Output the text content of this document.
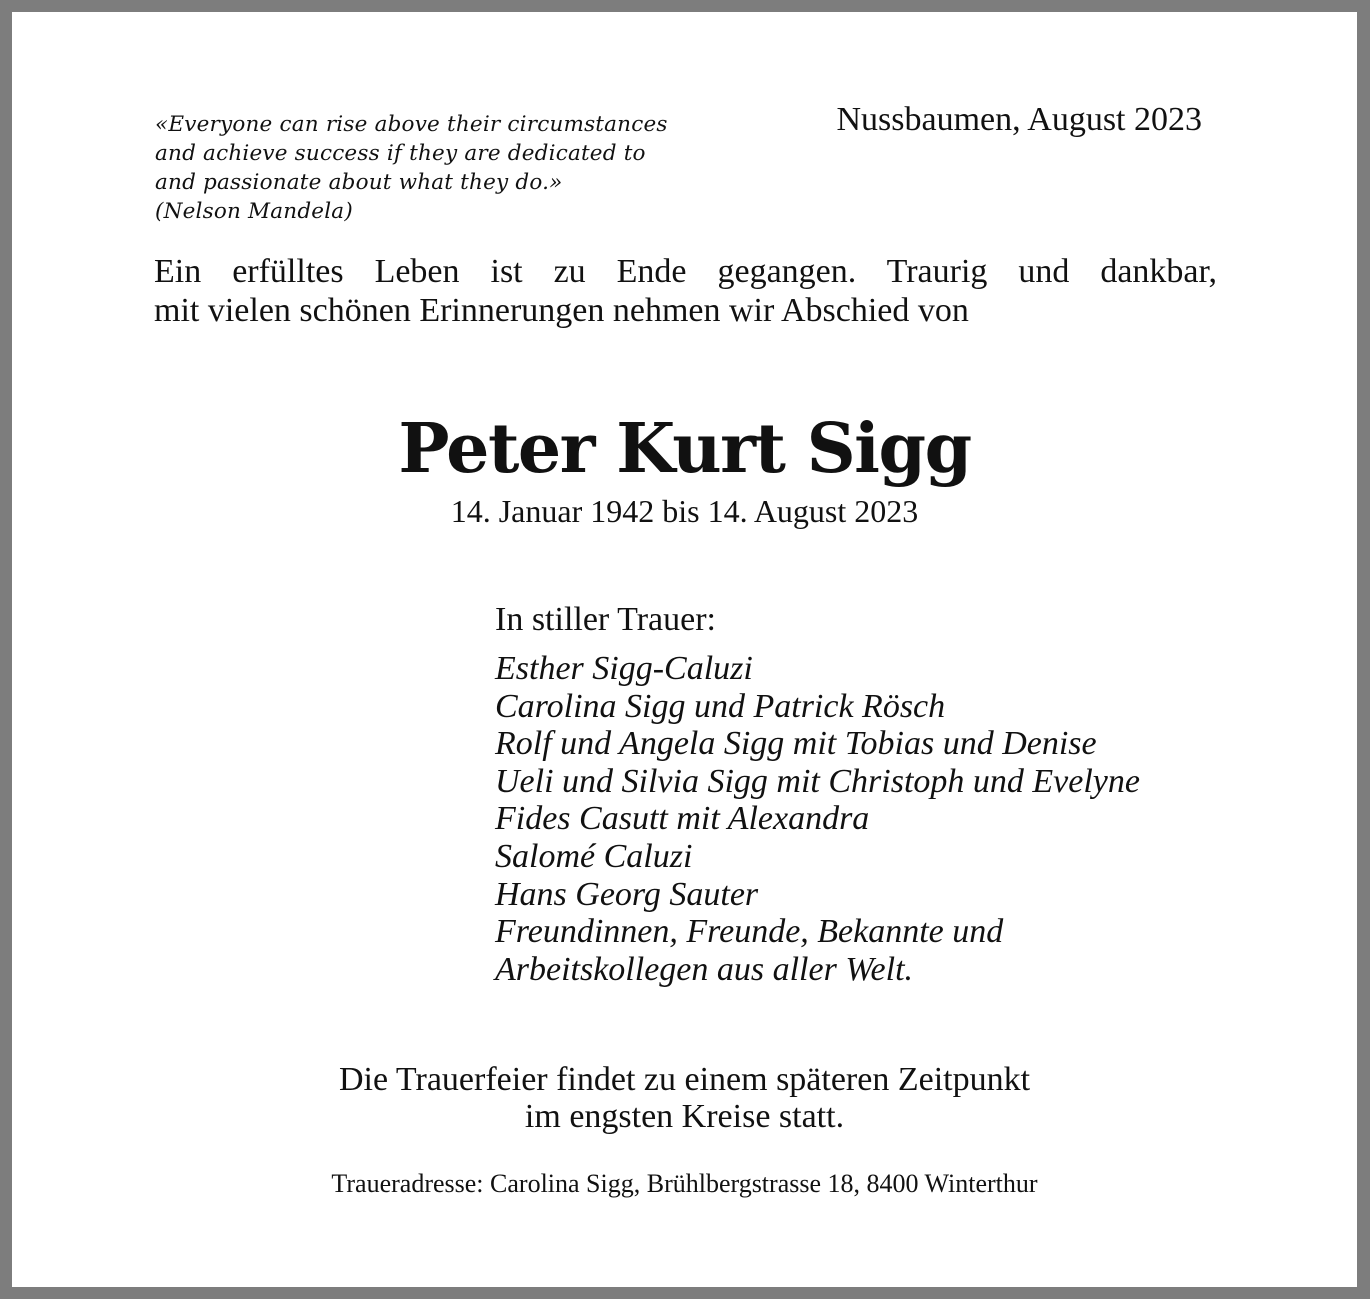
«Everyone can rise above their circumstances
and achieve success if they are dedicated to
and passionate about what they do.»
(Nelson Mandela)
Nussbaumen, August 2023
Ein erfülltes Leben ist zu Ende gegangen. Traurig und dankbar,
mit vielen schönen Erinnerungen nehmen wir Abschied von
Peter Kurt Sigg
14. Januar 1942 bis 14. August 2023
In stiller Trauer:
Esther Sigg-Caluzi
Carolina Sigg und Patrick Rösch
Rolf und Angela Sigg mit Tobias und Denise
Ueli und Silvia Sigg mit Christoph und Evelyne
Fides Casutt mit Alexandra
Salomé Caluzi
Hans Georg Sauter
Freundinnen, Freunde, Bekannte und
Arbeitskollegen aus aller Welt.
Die Trauerfeier findet zu einem späteren Zeitpunkt
im engsten Kreise statt.
Traueradresse: Carolina Sigg, Brühlbergstrasse 18, 8400 Winterthur
